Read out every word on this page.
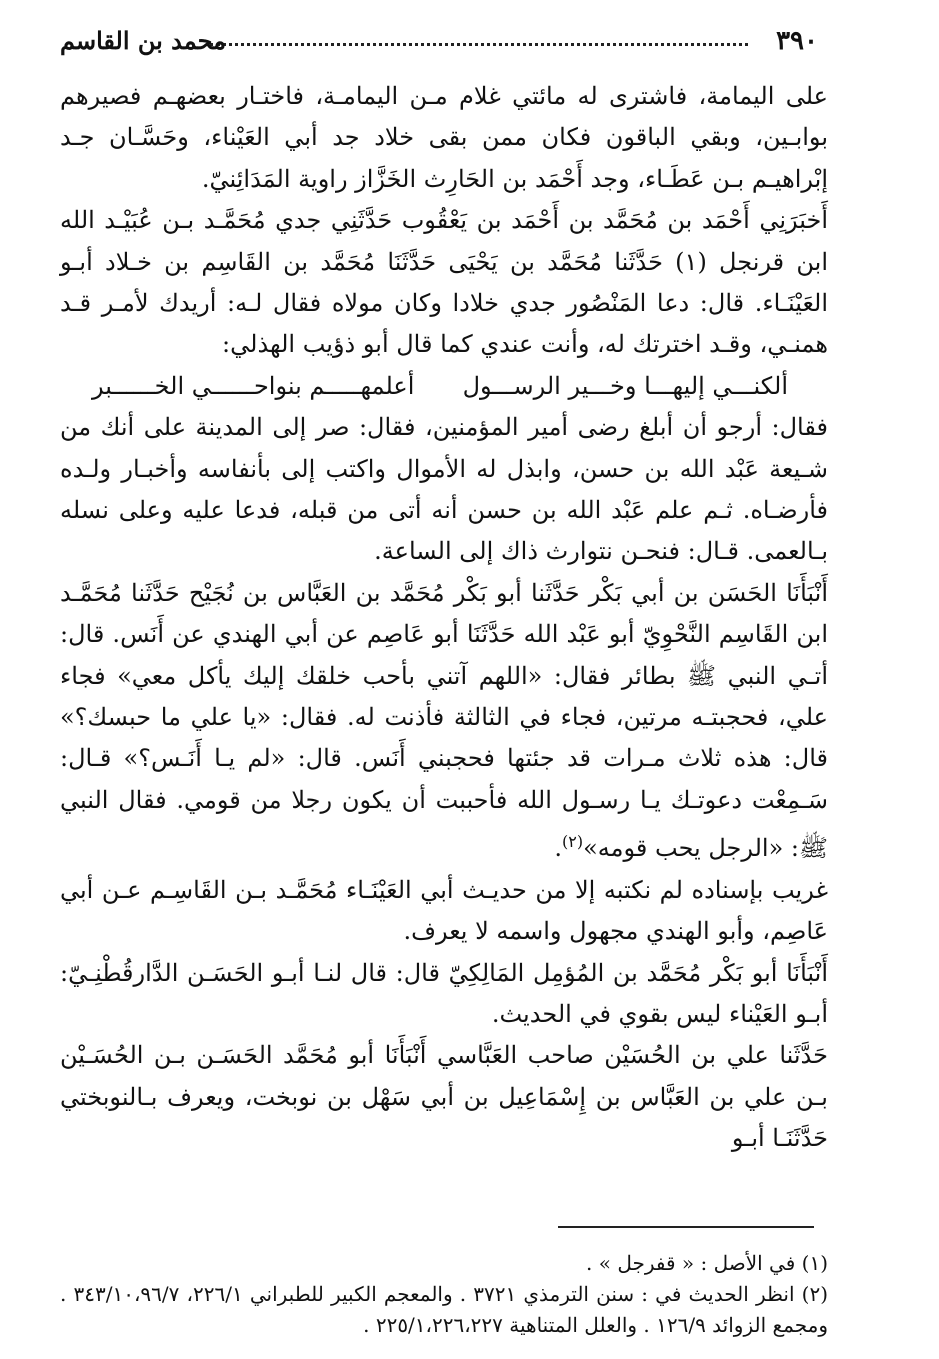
٣٩٠
محمد بن القاسم

على اليمامة، فاشترى له مائتي غلام مـن اليمامـة، فاختـار بعضهـم فصيرهم بوابـين، وبقي الباقون فكان ممن بقى خلاد جد أبي العَيْناء، وحَسَّـان جـد إبْراهيـم بـن عَطَـاء، وجد أَحْمَد بن الحَارِث الخَزَّاز راوية المَدَائِنيّ.

أَخبَرَنِي أَحْمَد بن مُحَمَّد بن أَحْمَد بن يَعْقُوب حَدَّثَنِي جدي مُحَمَّـد بـن عُبَيْـد الله ابن قرنجل (١) حَدَّثَنا مُحَمَّد بن يَحْيَى حَدَّثَنَا مُحَمَّد بن القَاسِم بن خـلاد أبـو العَيْنَـاء. قال: دعا المَنْصُور جدي خلادا وكان مولاه فقال لـه: أريدك لأمـر قـد همنـي، وقـد اخترتك له، وأنت عندي كما قال أبو ذؤيب الهذلي:

ألكنـــي إليهـــا وخـــير الرســـول
أعلمهـــــم بنواحــــــي الخــــــبر

فقال: أرجو أن أبلغ رضى أمير المؤمنين، فقال: صر إلى المدينة على أنك من شـيعة عَبْد الله بن حسن، وابذل له الأموال واكتب إلى بأنفاسه وأخبـار ولـده فأرضـاه. ثـم علم عَبْد الله بن حسن أنه أتى من قبله، فدعا عليه وعلى نسله بـالعمى. قـال: فنحـن نتوارث ذاك إلى الساعة.

أَنْبَأَنَا الحَسَن بن أبي بَكْر حَدَّثَنا أبو بَكْر مُحَمَّد بن العَبَّاس بن نُجَيْح حَدَّثَنا مُحَمَّـد ابن القَاسِم النَّحْوِيّ أبو عَبْد الله حَدَّثَنَا أبو عَاصِم عن أبي الهندي عن أَنَس. قال: أتـي النبي ﷺ بطائر فقال: «اللهم آتني بأحب خلقك إليك يأكل معي» فجاء علي، فحجبتـه مرتين، فجاء في الثالثة فأذنت له. فقال: «يا علي ما حبسك؟» قال: هذه ثلاث مـرات قد جئتها فحجبني أَنَس. قال: «لم يـا أَنَـس؟» قـال: سَـمِعْت دعوتـك يـا رسـول الله فأحببت أن يكون رجلا من قومي. فقال النبي ﷺ: «الرجل يحب قومه»$^{(٢)}$.

غريب بإسناده لم نكتبه إلا من حديـث أبي العَيْنَـاء مُحَمَّـد بـن القَاسِـم عـن أبي عَاصِم، وأبو الهندي مجهول واسمه لا يعرف.

أَنْبَأَنَا أبو بَكْر مُحَمَّد بن المُؤمِل المَالِكِيّ قال: قال لنـا أبـو الحَسَـن الدَّارقُطْنِـيّ: أبـو العَيْناء ليس بقوي في الحديث.

حَدَّثَنا علي بن الحُسَيْن صاحب العَبَّاسي أَنْبَأَنَا أبو مُحَمَّد الحَسَـن بـن الحُسَـيْن بـن علي بن العَبَّاس بن إِسْمَاعِيل بن أبي سَهْل بن نوبخت، ويعرف بـالنوبختي حَدَّثَنَـا أبـو

(١) في الأصل : « قفرجل » .

(٢) انظر الحديث في : سنن الترمذي ٣٧٢١ . والمعجم الكبير للطبراني ٢٢٦/١، ٣٤٣/١٠،٩٦/٧ . ومجمع الزوائد ١٢٦/٩ . والعلل المتناهية ٢٢٥/١،٢٢٦،٢٢٧ .
